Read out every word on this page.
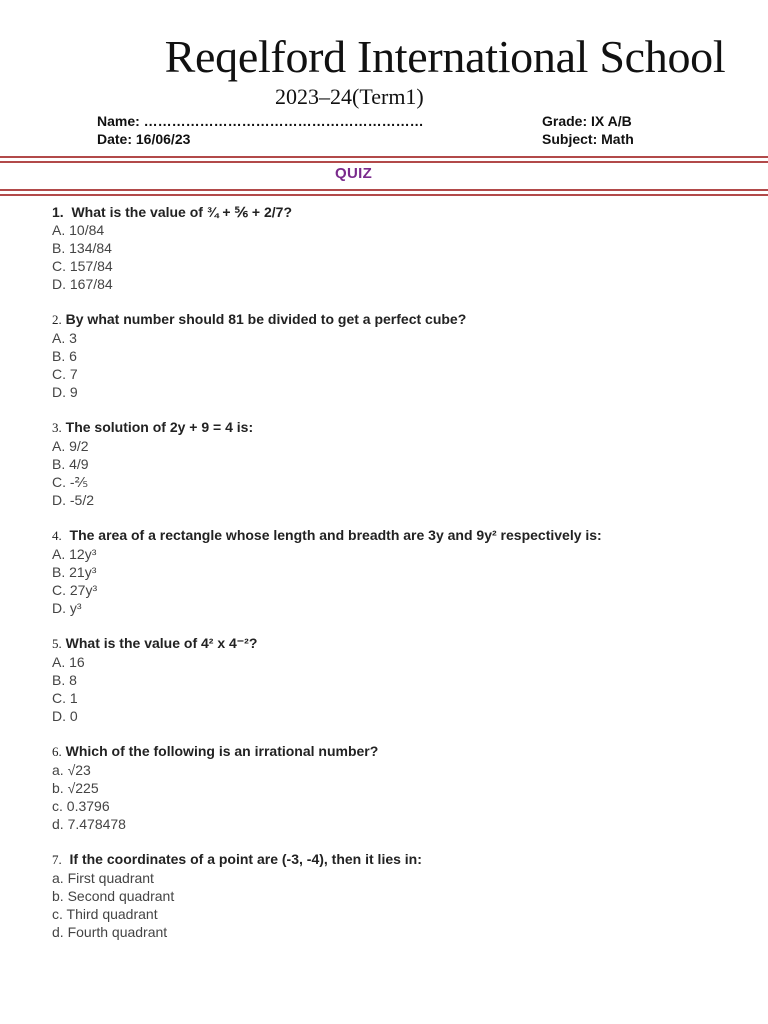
Reqelford International School
2023–24(Term1)
Name: ……………………………………………………
Date: 16/06/23
Grade: IX A/B
Subject: Math
QUIZ
1. What is the value of ¾ + ⅚ + 2/7?
A. 10/84
B. 134/84
C. 157/84
D. 167/84
2. By what number should 81 be divided to get a perfect cube?
A. 3
B. 6
C. 7
D. 9
3. The solution of 2y + 9 = 4 is:
A. 9/2
B. 4/9
C. -⅖
D. -5/2
4. The area of a rectangle whose length and breadth are 3y and 9y² respectively is:
A. 12y³
B. 21y³
C. 27y³
D. y³
5. What is the value of 4² x 4⁻²?
A. 16
B. 8
C. 1
D. 0
6. Which of the following is an irrational number?
a. √23
b. √225
c. 0.3796
d. 7.478478
7. If the coordinates of a point are (-3, -4), then it lies in:
a. First quadrant
b. Second quadrant
c. Third quadrant
d. Fourth quadrant
